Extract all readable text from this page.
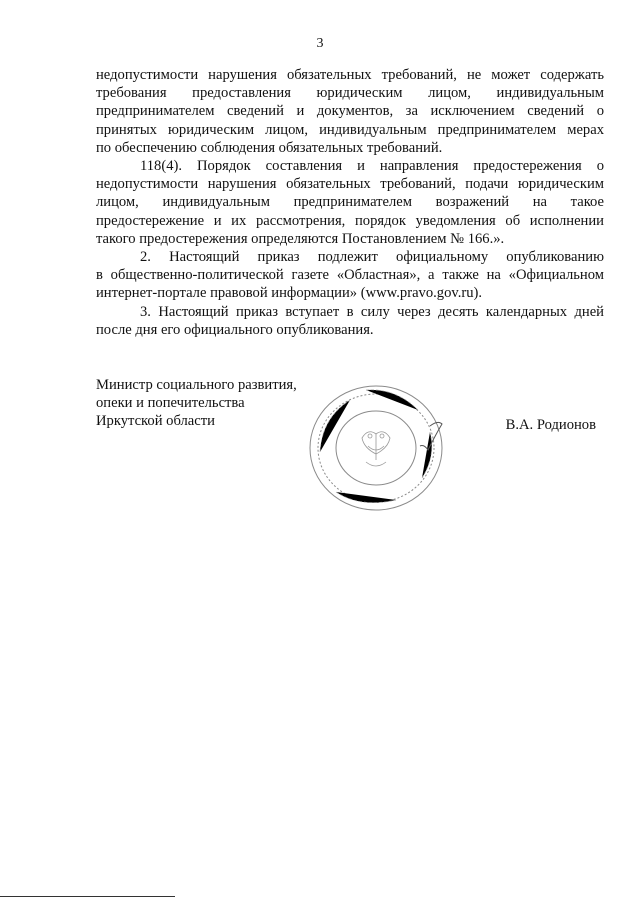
3

недопустимости нарушения обязательных требований, не может содержать
требования предоставления юридическим лицом, индивидуальным
предпринимателем сведений и документов, за исключением сведений о
принятых юридическим лицом, индивидуальным предпринимателем мерах
по обеспечению соблюдения обязательных требований.

118(4). Порядок составления и направления предостережения о
недопустимости нарушения обязательных требований, подачи юридическим
лицом, индивидуальным предпринимателем возражений на такое
предостережение и их рассмотрения, порядок уведомления об исполнении
такого предостережения определяются Постановлением № 166.».

2. Настоящий приказ подлежит официальному опубликованию
в общественно-политической газете «Областная», а также на «Официальном
интернет-портале правовой информации» (www.pravo.gov.ru).

3. Настоящий приказ вступает в силу через десять календарных дней
после дня его официального опубликования.

Министр социального развития,
опеки и попечительства
Иркутской области	В.А. Родионов
